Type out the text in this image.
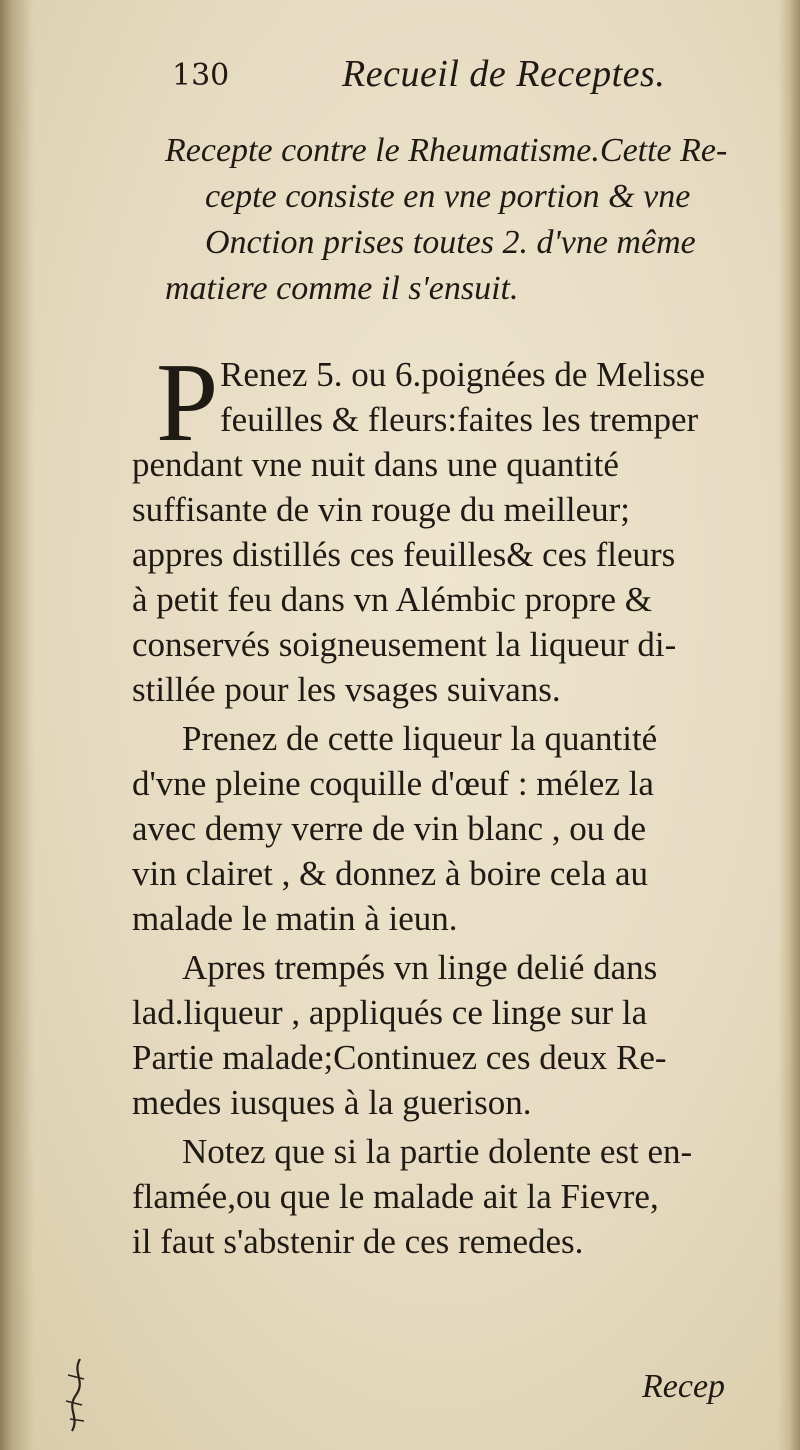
130	Recueil de Receptes.
Recepte contre le Rheumatisme.Cette Re-
cepte consiste en vne portion & vne
Onction prises toutes 2. d'vne même
matiere comme il s'ensuit.
P Renez 5. ou 6.poignées de Melisse
feuilles & fleurs:faites les tremper
pendant vne nuit dans une quantité
suffisante de vin rouge du meilleur;
appres distillés ces feuilles& ces fleurs
à petit feu dans vn Alémbic propre &
conservés soigneusement la liqueur di-
stillée pour les vsages suivans.

Prenez de cette liqueur la quantité
d'vne pleine coquille d'œuf : mélez la
avec demy verre de vin blanc , ou de
vin clairet , & donnez à boire cela au
malade le matin à ieun.

Apres trempés vn linge delié dans
lad.liqueur , appliqués ce linge sur la
Partie malade;Continuez ces deux Re-
medes iusques à la guerison.

Notez que si la partie dolente est en-
flamée,ou que le malade ait la Fievre,
il faut s'abstenir de ces remedes.

Recep
